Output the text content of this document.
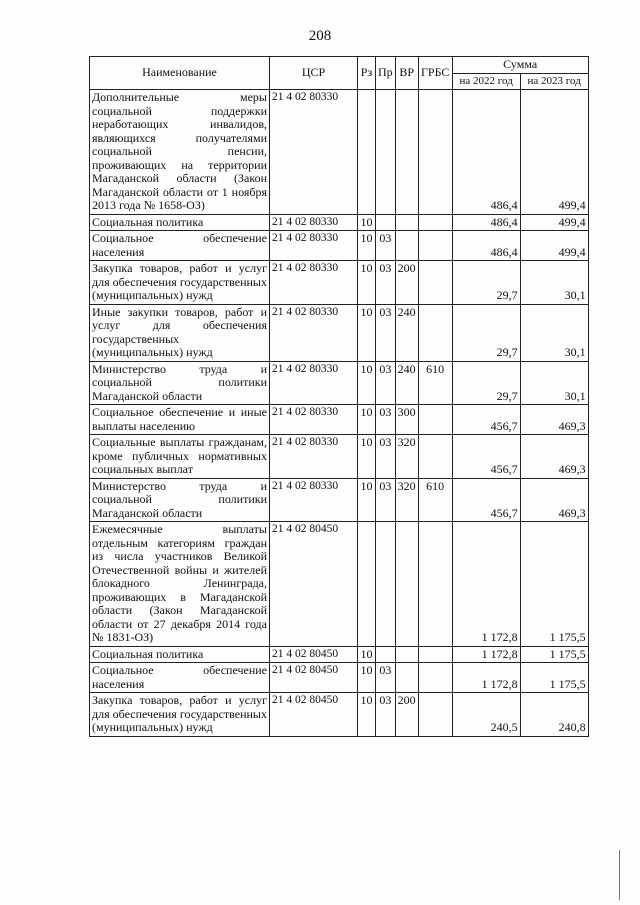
208
Наименование	ЦСР	Рз	Пр	ВР	ГРБС	Сумма	
						на 2022 год	на 2023 год
Дополнительные меры социальной поддержки неработающих инвалидов, являющихся получателями социальной пенсии, проживающих на территории Магаданской области (Закон Магаданской области от 1 ноября 2013 года № 1658-ОЗ)	21 4 02 80330					486,4	499,4
Социальная политика	21 4 02 80330	10				486,4	499,4
Социальное обеспечение населения	21 4 02 80330	10	03			486,4	499,4
Закупка товаров, работ и услуг для обеспечения государственных (муниципальных) нужд	21 4 02 80330	10	03	200		29,7	30,1
Иные закупки товаров, работ и услуг для обеспечения государственных (муниципальных) нужд	21 4 02 80330	10	03	240		29,7	30,1
Министерство труда и социальной политики Магаданской области	21 4 02 80330	10	03	240	610	29,7	30,1
Социальное обеспечение и иные выплаты населению	21 4 02 80330	10	03	300		456,7	469,3
Социальные выплаты гражданам, кроме публичных нормативных социальных выплат	21 4 02 80330	10	03	320		456,7	469,3
Министерство труда и социальной политики Магаданской области	21 4 02 80330	10	03	320	610	456,7	469,3
Ежемесячные выплаты отдельным категориям граждан из числа участников Великой Отечественной войны и жителей блокадного Ленинграда, проживающих в Магаданской области (Закон Магаданской области от 27 декабря 2014 года № 1831-ОЗ)	21 4 02 80450					1 172,8	1 175,5
Социальная политика	21 4 02 80450	10				1 172,8	1 175,5
Социальное обеспечение населения	21 4 02 80450	10	03			1 172,8	1 175,5
Закупка товаров, работ и услуг для обеспечения государственных (муниципальных) нужд	21 4 02 80450	10	03	200		240,5	240,8
